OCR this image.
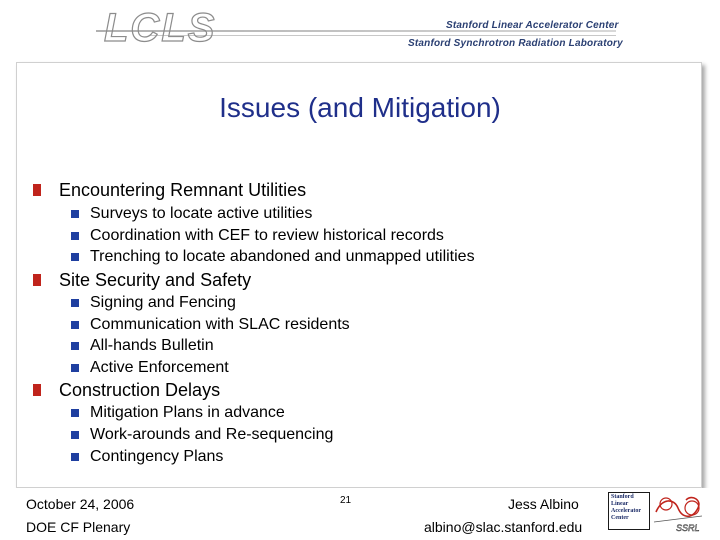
LCLS	Stanford Linear Accelerator Center
Stanford Synchrotron Radiation Laboratory
Issues (and Mitigation)
Encountering Remnant Utilities
Surveys to locate active utilities
Coordination with CEF to review historical records
Trenching to locate abandoned and unmapped utilities
Site Security and Safety
Signing and Fencing
Communication with SLAC residents
All-hands Bulletin
Active Enforcement
Construction Delays
Mitigation Plans in advance
Work-arounds and Re-sequencing
Contingency Plans
October 24, 2006
DOE CF Plenary
21	Jess Albino
albino@slac.stanford.edu
Stanford
Linear
Accelerator
Center
SSRL
